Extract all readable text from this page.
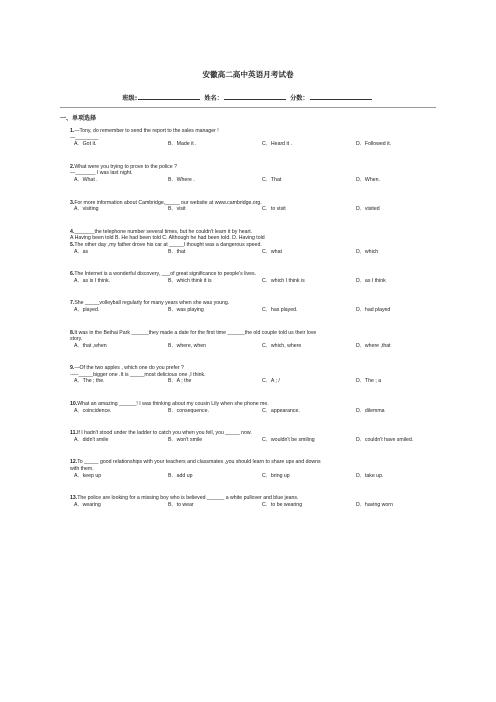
安徽高二高中英语月考试卷
班级:	姓名：	分数：
一、单项选择
1.—Tony, do remember to send the report to the sales manager !
—________
A．Got it.	B．Made it .	C．Heard it .	D．Followed it.
2.What were you trying to prove to the police ?
—_______ I was last night.
A．What .	B．Where .	C．That	D．When.
3.For more information about Cambridge,_____ our website at www.cambridge.org.
A．visiting	B．visit	C．to visit	D．visited
4._______the telephone number several times, but he couldn't learn it by heart.
A Having been told B. He had been told C. Although he had been told. D. Having told
5.The other day ,my father drove his car at _____I thought was a dangerous speed.
A．as	B．that	C．what	D．which
6.The Internet is a wonderful discovery, ___of great significance to people's lives.
A．as is I think.	B．which think it is	C．which I think is	D．as I think
7.She _____volleyball regularly for many years when she was young.
A．played.	B．was playing	C．has played.	D．had played
8.It was in the Beihai Park ______they made a date for the first time ______the old couple told us their love
story.
A．that ,when	B．where, when	C．which, where	D．where ,that
9.—Of the two apples , which one do you prefer ?
-----_____bigger one .It is _____most delicious one ,I think.
A．The ; the.	B．A ; the	C．A ; /	D．The ; a
10.What an amazing ______! I was thinking about my cousin Lily when she phone me.
A．coincidence.	B．consequence.	C．appearance.	D．dilemma
11.If I hadn't stood under the ladder to catch you when you fell, you _____ now.
A．didn't smile	B．won't smile	C．wouldn't be smiling	D．couldn't have smiled.
12.To _____ good relationships with your teachers and classmates ,you should learn to share ups and downs
with them.
A．keep up	B．add up	C．bring up	D．take up.
13.The police are looking for a missing boy who is believed ______ a white pullover and blue jeans.
A．wearing	B．to wear	C．to be wearing	D．having worn
